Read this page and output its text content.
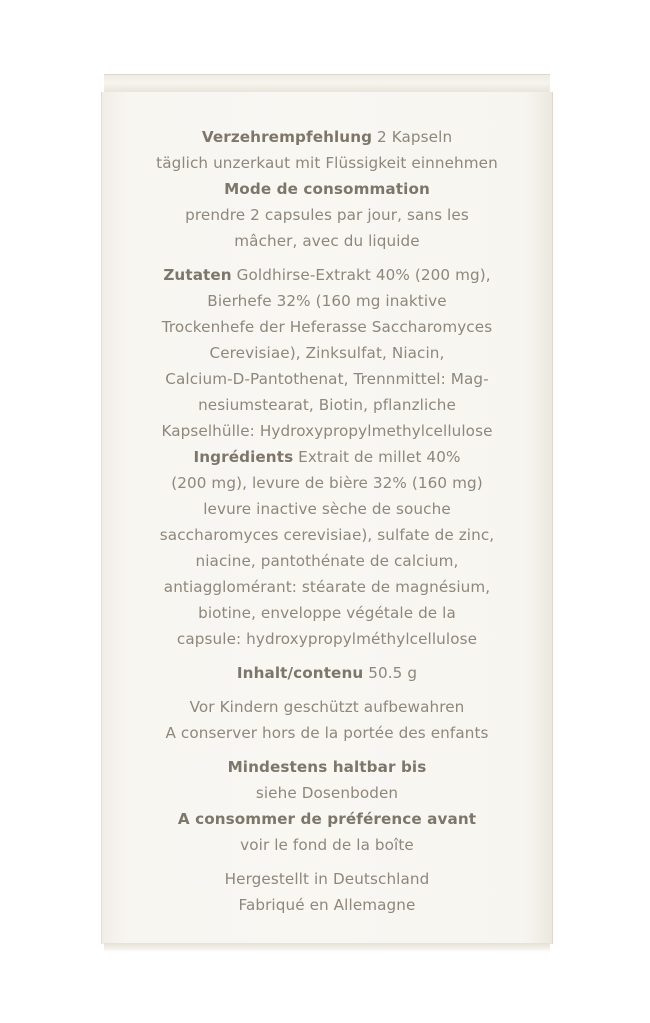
Verzehrempfehlung 2 Kapseln

täglich unzerkaut mit Flüssigkeit einnehmen

Mode de consommation

prendre 2 capsules par jour, sans les

mâcher, avec du liquide

Zutaten Goldhirse-Extrakt 40% (200 mg),

Bierhefe 32% (160 mg inaktive

Trockenhefe der Heferasse Saccharomyces

Cerevisiae), Zinksulfat, Niacin,

Calcium-D-Pantothenat, Trennmittel: Mag-

nesiumstearat, Biotin, pflanzliche

Kapselhülle: Hydroxypropylmethylcellulose

Ingrédients Extrait de millet 40%

(200 mg), levure de bière 32% (160 mg)

levure inactive sèche de souche

saccharomyces cerevisiae), sulfate de zinc,

niacine, pantothénate de calcium,

antiagglomérant: stéarate de magnésium,

biotine, enveloppe végétale de la

capsule: hydroxypropylméthylcellulose

Inhalt/contenu 50.5 g

Vor Kindern geschützt aufbewahren

A conserver hors de la portée des enfants

Mindestens haltbar bis

siehe Dosenboden

A consommer de préférence avant

voir le fond de la boîte

Hergestellt in Deutschland

Fabriqué en Allemagne
